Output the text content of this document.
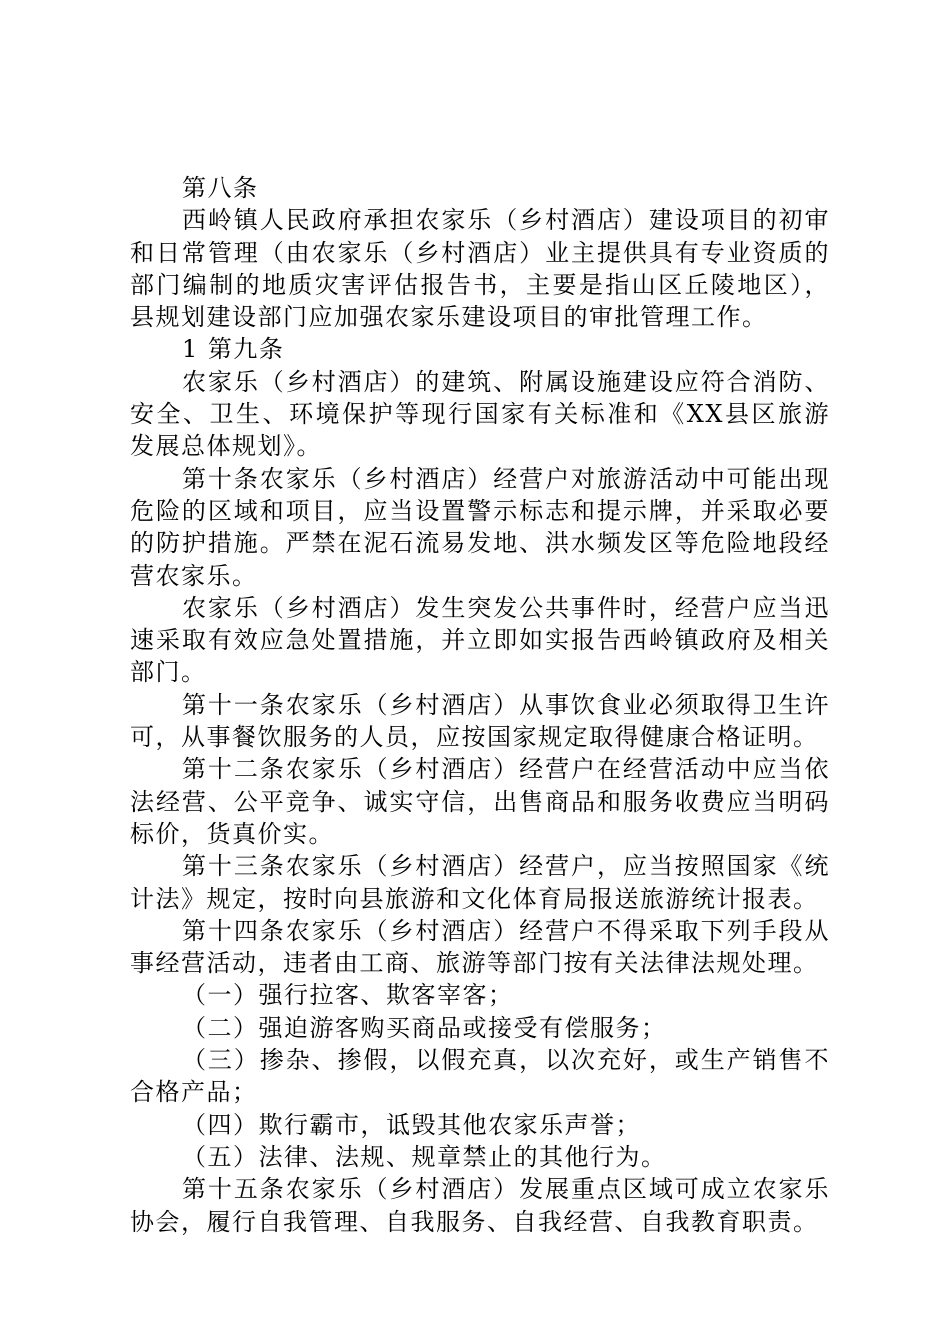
第八条

西岭镇人民政府承担农家乐（乡村酒店）建设项目的初审和日常管理（由农家乐（乡村酒店）业主提供具有专业资质的部门编制的地质灾害评估报告书，主要是指山区丘陵地区），县规划建设部门应加强农家乐建设项目的审批管理工作。

1 第九条

农家乐（乡村酒店）的建筑、附属设施建设应符合消防、安全、卫生、环境保护等现行国家有关标准和《XX县区旅游发展总体规划》。

第十条农家乐（乡村酒店）经营户对旅游活动中可能出现危险的区域和项目，应当设置警示标志和提示牌，并采取必要的防护措施。严禁在泥石流易发地、洪水频发区等危险地段经营农家乐。

农家乐（乡村酒店）发生突发公共事件时，经营户应当迅速采取有效应急处置措施，并立即如实报告西岭镇政府及相关部门。

第十一条农家乐（乡村酒店）从事饮食业必须取得卫生许可，从事餐饮服务的人员，应按国家规定取得健康合格证明。

第十二条农家乐（乡村酒店）经营户在经营活动中应当依法经营、公平竞争、诚实守信，出售商品和服务收费应当明码标价，货真价实。

第十三条农家乐（乡村酒店）经营户，应当按照国家《统计法》规定，按时向县旅游和文化体育局报送旅游统计报表。

第十四条农家乐（乡村酒店）经营户不得采取下列手段从事经营活动，违者由工商、旅游等部门按有关法律法规处理。

（一）强行拉客、欺客宰客；

（二）强迫游客购买商品或接受有偿服务；

（三）掺杂、掺假，以假充真，以次充好，或生产销售不合格产品；

（四）欺行霸市，诋毁其他农家乐声誉；

（五）法律、法规、规章禁止的其他行为。

第十五条农家乐（乡村酒店）发展重点区域可成立农家乐协会，履行自我管理、自我服务、自我经营、自我教育职责。
